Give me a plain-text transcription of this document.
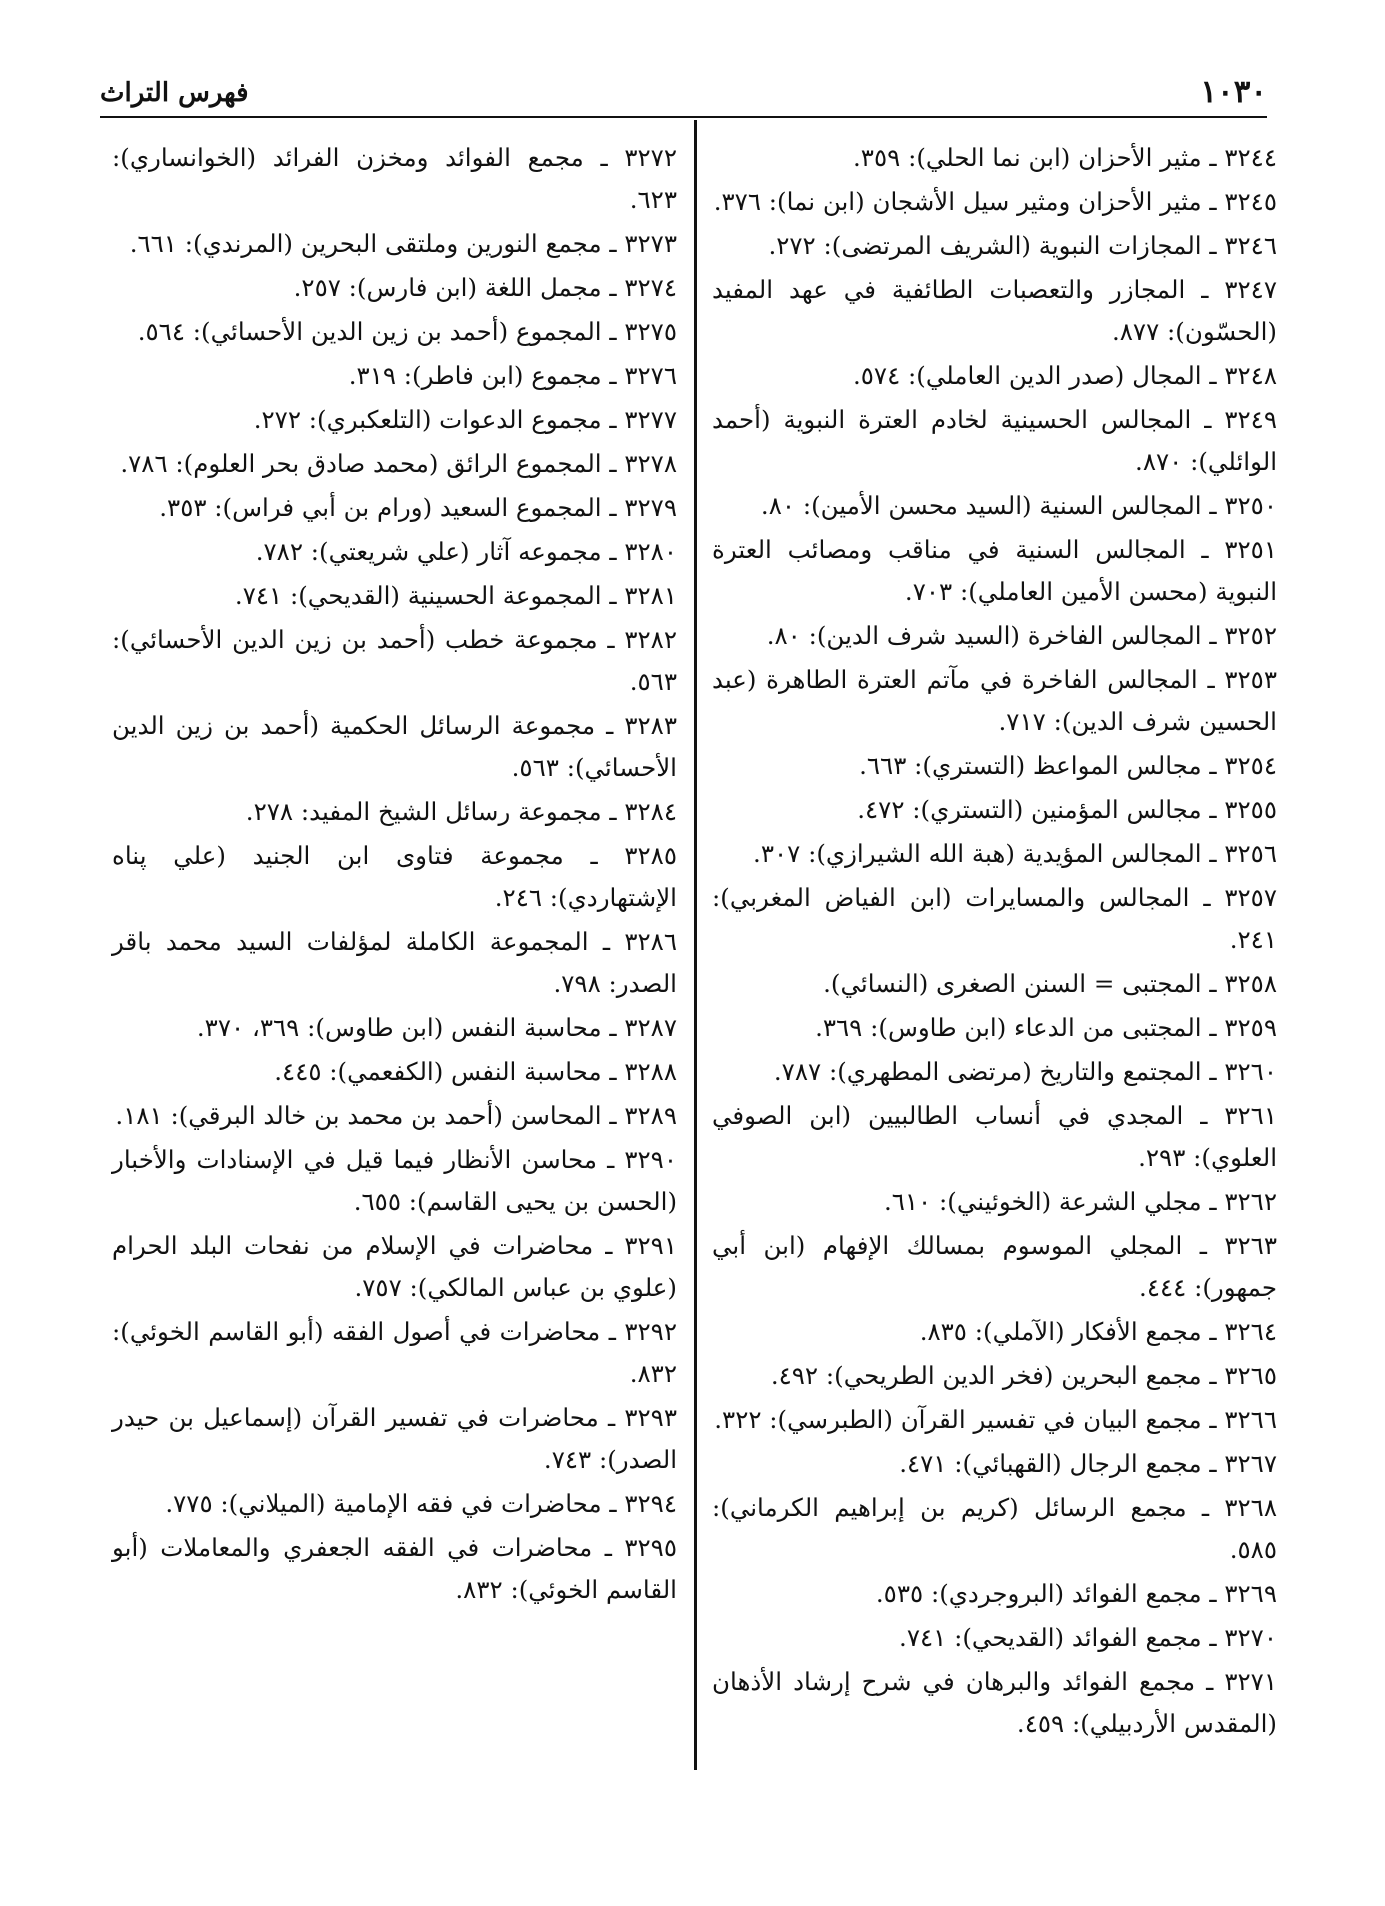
١٠٣٠
فهرس التراث

٣٢٤٤ ـ مثير الأحزان (ابن نما الحلي): ٣٥٩.

٣٢٤٥ ـ مثير الأحزان ومثير سيل الأشجان (ابن نما): ٣٧٦.

٣٢٤٦ ـ المجازات النبوية (الشريف المرتضى): ٢٧٢.

٣٢٤٧ ـ المجازر والتعصبات الطائفية في عهد المفيد (الحسّون): ٨٧٧.

٣٢٤٨ ـ المجال (صدر الدين العاملي): ٥٧٤.

٣٢٤٩ ـ المجالس الحسينية لخادم العترة النبوية (أحمد الوائلي): ٨٧٠.

٣٢٥٠ ـ المجالس السنية (السيد محسن الأمين): ٨٠.

٣٢٥١ ـ المجالس السنية في مناقب ومصائب العترة النبوية (محسن الأمين العاملي): ٧٠٣.

٣٢٥٢ ـ المجالس الفاخرة (السيد شرف الدين): ٨٠.

٣٢٥٣ ـ المجالس الفاخرة في مآتم العترة الطاهرة (عبد الحسين شرف الدين): ٧١٧.

٣٢٥٤ ـ مجالس المواعظ (التستري): ٦٦٣.

٣٢٥٥ ـ مجالس المؤمنين (التستري): ٤٧٢.

٣٢٥٦ ـ المجالس المؤيدية (هبة الله الشيرازي): ٣٠٧.

٣٢٥٧ ـ المجالس والمسايرات (ابن الفياض المغربي): ٢٤١.

٣٢٥٨ ـ المجتبى = السنن الصغرى (النسائي).

٣٢٥٩ ـ المجتبى من الدعاء (ابن طاوس): ٣٦٩.

٣٢٦٠ ـ المجتمع والتاريخ (مرتضى المطهري): ٧٨٧.

٣٢٦١ ـ المجدي في أنساب الطالبيين (ابن الصوفي العلوي): ٢٩٣.

٣٢٦٢ ـ مجلي الشرعة (الخوئيني): ٦١٠.

٣٢٦٣ ـ المجلي الموسوم بمسالك الإفهام (ابن أبي جمهور): ٤٤٤.

٣٢٦٤ ـ مجمع الأفكار (الآملي): ٨٣٥.

٣٢٦٥ ـ مجمع البحرين (فخر الدين الطريحي): ٤٩٢.

٣٢٦٦ ـ مجمع البيان في تفسير القرآن (الطبرسي): ٣٢٢.

٣٢٦٧ ـ مجمع الرجال (القهبائي): ٤٧١.

٣٢٦٨ ـ مجمع الرسائل (كريم بن إبراهيم الكرماني): ٥٨٥.

٣٢٦٩ ـ مجمع الفوائد (البروجردي): ٥٣٥.

٣٢٧٠ ـ مجمع الفوائد (القديحي): ٧٤١.

٣٢٧١ ـ مجمع الفوائد والبرهان في شرح إرشاد الأذهان (المقدس الأردبيلي): ٤٥٩.

٣٢٧٢ ـ مجمع الفوائد ومخزن الفرائد (الخوانساري): ٦٢٣.

٣٢٧٣ ـ مجمع النورين وملتقى البحرين (المرندي): ٦٦١.

٣٢٧٤ ـ مجمل اللغة (ابن فارس): ٢٥٧.

٣٢٧٥ ـ المجموع (أحمد بن زين الدين الأحسائي): ٥٦٤.

٣٢٧٦ ـ مجموع (ابن فاطر): ٣١٩.

٣٢٧٧ ـ مجموع الدعوات (التلعكبري): ٢٧٢.

٣٢٧٨ ـ المجموع الرائق (محمد صادق بحر العلوم): ٧٨٦.

٣٢٧٩ ـ المجموع السعيد (ورام بن أبي فراس): ٣٥٣.

٣٢٨٠ ـ مجموعه آثار (علي شريعتي): ٧٨٢.

٣٢٨١ ـ المجموعة الحسينية (القديحي): ٧٤١.

٣٢٨٢ ـ مجموعة خطب (أحمد بن زين الدين الأحسائي): ٥٦٣.

٣٢٨٣ ـ مجموعة الرسائل الحكمية (أحمد بن زين الدين الأحسائي): ٥٦٣.

٣٢٨٤ ـ مجموعة رسائل الشيخ المفيد: ٢٧٨.

٣٢٨٥ ـ مجموعة فتاوى ابن الجنيد (علي پناه الإشتهاردي): ٢٤٦.

٣٢٨٦ ـ المجموعة الكاملة لمؤلفات السيد محمد باقر الصدر: ٧٩٨.

٣٢٨٧ ـ محاسبة النفس (ابن طاوس): ٣٦٩، ٣٧٠.

٣٢٨٨ ـ محاسبة النفس (الكفعمي): ٤٤٥.

٣٢٨٩ ـ المحاسن (أحمد بن محمد بن خالد البرقي): ١٨١.

٣٢٩٠ ـ محاسن الأنظار فيما قيل في الإسنادات والأخبار (الحسن بن يحيى القاسم): ٦٥٥.

٣٢٩١ ـ محاضرات في الإسلام من نفحات البلد الحرام (علوي بن عباس المالكي): ٧٥٧.

٣٢٩٢ ـ محاضرات في أصول الفقه (أبو القاسم الخوئي): ٨٣٢.

٣٢٩٣ ـ محاضرات في تفسير القرآن (إسماعيل بن حيدر الصدر): ٧٤٣.

٣٢٩٤ ـ محاضرات في فقه الإمامية (الميلاني): ٧٧٥.

٣٢٩٥ ـ محاضرات في الفقه الجعفري والمعاملات (أبو القاسم الخوئي): ٨٣٢.
